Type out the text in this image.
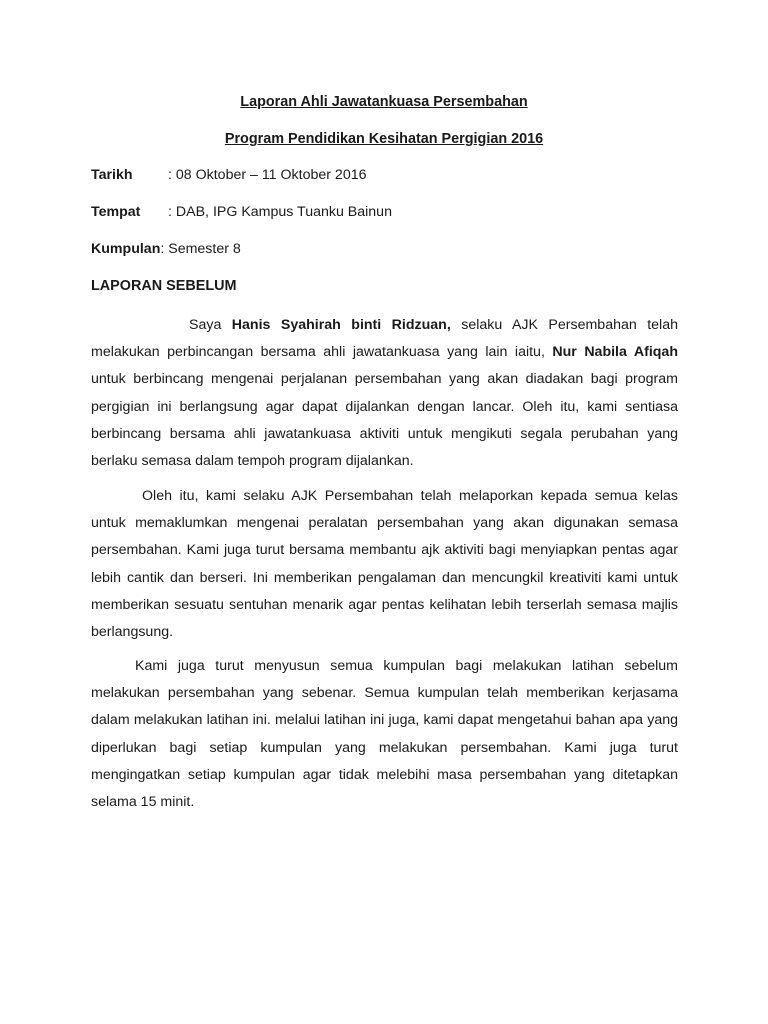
Laporan Ahli Jawatankuasa Persembahan
Program Pendidikan Kesihatan Pergigian 2016
Tarikh : 08 Oktober – 11 Oktober 2016
Tempat : DAB, IPG Kampus Tuanku Bainun
Kumpulan: Semester 8
LAPORAN SEBELUM

Saya Hanis Syahirah binti Ridzuan, selaku AJK Persembahan telah melakukan perbincangan bersama ahli jawatankuasa yang lain iaitu, Nur Nabila Afiqah untuk berbincang mengenai perjalanan persembahan yang akan diadakan bagi program pergigian ini berlangsung agar dapat dijalankan dengan lancar. Oleh itu, kami sentiasa berbincang bersama ahli jawatankuasa aktiviti untuk mengikuti segala perubahan yang berlaku semasa dalam tempoh program dijalankan.

Oleh itu, kami selaku AJK Persembahan telah melaporkan kepada semua kelas untuk memaklumkan mengenai peralatan persembahan yang akan digunakan semasa persembahan. Kami juga turut bersama membantu ajk aktiviti bagi menyiapkan pentas agar lebih cantik dan berseri. Ini memberikan pengalaman dan mencungkil kreativiti kami untuk memberikan sesuatu sentuhan menarik agar pentas kelihatan lebih terserlah semasa majlis berlangsung.

Kami juga turut menyusun semua kumpulan bagi melakukan latihan sebelum melakukan persembahan yang sebenar. Semua kumpulan telah memberikan kerjasama dalam melakukan latihan ini. melalui latihan ini juga, kami dapat mengetahui bahan apa yang diperlukan bagi setiap kumpulan yang melakukan persembahan. Kami juga turut mengingatkan setiap kumpulan agar tidak melebihi masa persembahan yang ditetapkan selama 15 minit.
